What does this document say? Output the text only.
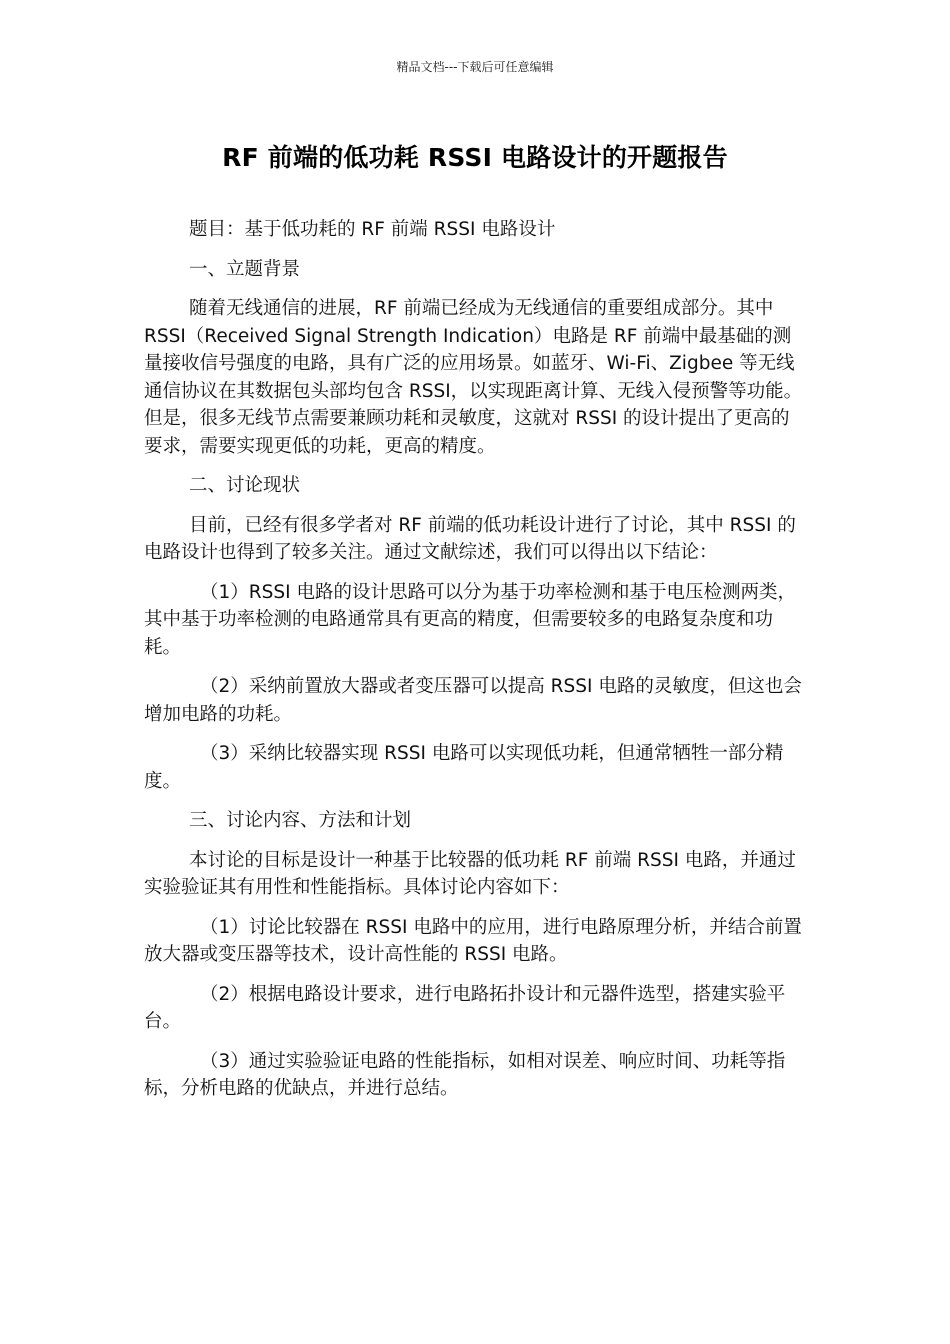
精品文档---下载后可任意编辑
RF 前端的低功耗 RSSI 电路设计的开题报告

题目：基于低功耗的 RF 前端 RSSI 电路设计

一、立题背景

随着无线通信的进展，RF 前端已经成为无线通信的重要组成部分。其中 RSSI（Received Signal Strength Indication）电路是 RF 前端中最基础的测量接收信号强度的电路，具有广泛的应用场景。如蓝牙、Wi-Fi、Zigbee 等无线通信协议在其数据包头部均包含 RSSI，以实现距离计算、无线入侵预警等功能。但是，很多无线节点需要兼顾功耗和灵敏度，这就对 RSSI 的设计提出了更高的要求，需要实现更低的功耗，更高的精度。

二、讨论现状

目前，已经有很多学者对 RF 前端的低功耗设计进行了讨论，其中 RSSI 的电路设计也得到了较多关注。通过文献综述，我们可以得出以下结论：

（1）RSSI 电路的设计思路可以分为基于功率检测和基于电压检测两类，其中基于功率检测的电路通常具有更高的精度，但需要较多的电路复杂度和功耗。

（2）采纳前置放大器或者变压器可以提高 RSSI 电路的灵敏度，但这也会增加电路的功耗。

（3）采纳比较器实现 RSSI 电路可以实现低功耗，但通常牺牲一部分精度。

三、讨论内容、方法和计划

本讨论的目标是设计一种基于比较器的低功耗 RF 前端 RSSI 电路，并通过实验验证其有用性和性能指标。具体讨论内容如下：

（1）讨论比较器在 RSSI 电路中的应用，进行电路原理分析，并结合前置放大器或变压器等技术，设计高性能的 RSSI 电路。

（2）根据电路设计要求，进行电路拓扑设计和元器件选型，搭建实验平台。

（3）通过实验验证电路的性能指标，如相对误差、响应时间、功耗等指标，分析电路的优缺点，并进行总结。
